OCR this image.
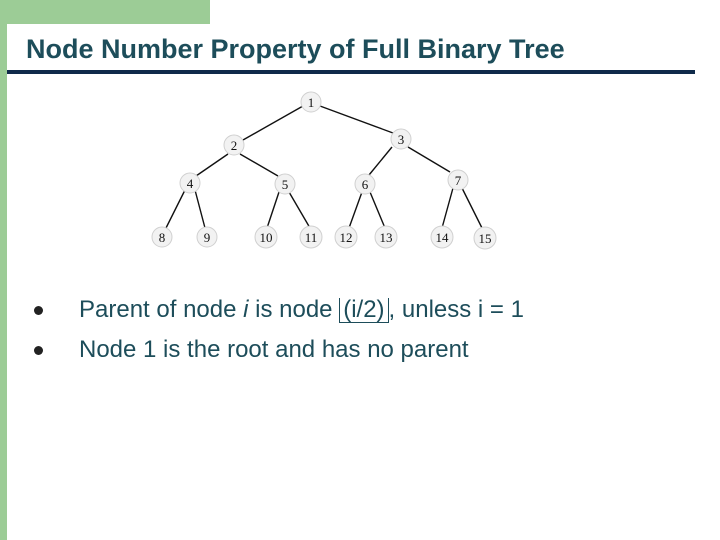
Node Number Property of Full Binary Tree
1
2	3
4	5	6	7
8	9	10 11 12 13	14 15
Parent of node i is node (i/2) , unless i = 1
Node 1 is the root and has no parent
